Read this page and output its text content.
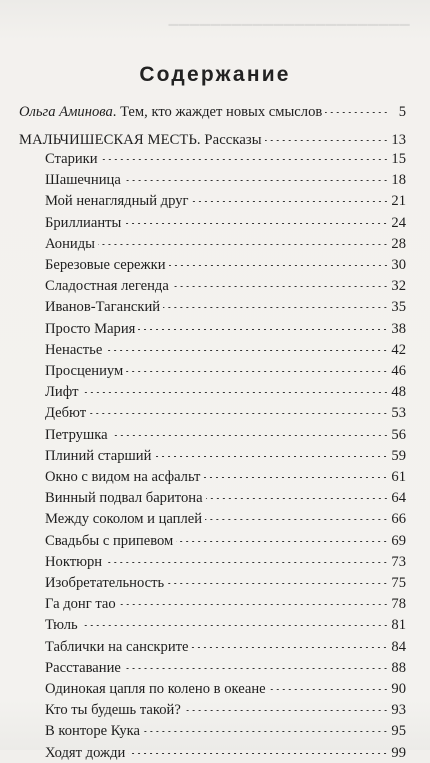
▔▔▔▔▔▔▔▔▔▔▔▔▔▔▔▔▔▔▔▔▔▔▔
Содержание
Ольга Аминова. Тем, кто жаждет новых смыслов	5
МАЛЬЧИШЕСКАЯ МЕСТЬ. Рассказы	13
Старики	15
Шашечница	18
Мой ненаглядный друг	21
Бриллианты	24
Аониды	28
Березовые сережки	30
Сладостная легенда	32
Иванов-Таганский	35
Просто Мария	38
Ненастье	42
Просцениум	46
Лифт	48
Дебют	53
Петрушка	56
Плиний старший	59
Окно с видом на асфальт	61
Винный подвал баритона	64
Между соколом и цаплей	66
Свадьбы с припевом	69
Ноктюрн	73
Изобретательность	75
Га донг тао	78
Тюль	81
Таблички на санскрите	84
Расставание	88
Одинокая цапля по колено в океане	90
Кто ты будешь такой?	93
В конторе Кука	95
Ходят дожди	99
